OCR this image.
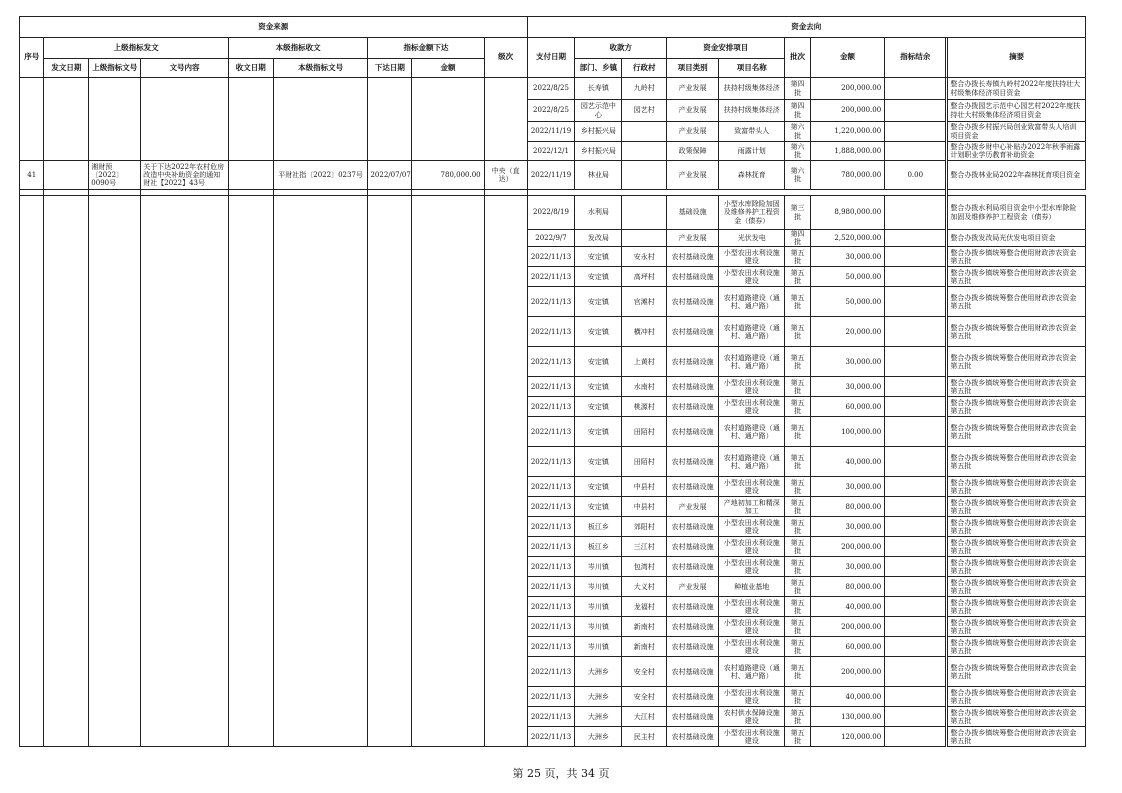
资金来源									资金去向									
序号	上级指标发文			本级指标收文		指标金额下达		级次	支付日期	收款方		资金安排项目		批次	金额	指标结余		摘要
	发文日期	上级指标文号	文号内容	收文日期	本级指标文号	下达日期	金额			部门、乡镇	行政村	项目类别	项目名称					
									2022/8/25	长寿镇	九岭村	产业发展	扶持村级集体经济	第四批	200,000.00			整合办拨长寿镇九岭村2022年度扶持壮大村级集体经济项目资金
									2022/8/25	园艺示范中心	园艺村	产业发展	扶持村级集体经济	第四批	200,000.00			整合办拨园艺示范中心园艺村2022年度扶持壮大村级集体经济项目资金
									2022/11/19	乡村振兴局		产业发展	致富带头人	第六批	1,220,000.00			整合办拨乡村振兴局创业致富带头人培训项目资金
									2022/12/1	乡村振兴局		政策保障	雨露计划	第六批	1,888,000.00			整合办拨乡财中心补贴办2022年秋季雨露计划职业学历教育补助资金
41		湘财预〔2022〕0090号	关于下达2022年农村危房改造中央补助资金的通知财社【2022】43号		平财社指〔2022〕0237号	2022/07/07	780,000.00	中央（直达）	2022/11/19	林业局		产业发展	森林抚育	第六批	780,000.00	0.00		整合办拨林业局2022年森林抚育项目资金

									2022/8/19	水利局		基础设施	小型水库除险加固及维修养护工程资金（债券）	第三批	8,980,000.00			整合办拨水利局项目资金中小型水库除险加固及维修养护工程资金（债券）
									2022/9/7	发改局		产业发展	光伏发电	第四批	2,520,000.00			整合办拨发改局光伏发电项目资金
									2022/11/13	安定镇	安永村	农村基础设施	小型农田水利设施建设	第五批	30,000.00			整合办拨乡镇统筹整合使用财政涉农资金第五批
									2022/11/13	安定镇	高坪村	农村基础设施	小型农田水利设施建设	第五批	50,000.00			整合办拨乡镇统筹整合使用财政涉农资金第五批
									2022/11/13	安定镇	官滩村	农村基础设施	农村道路建设（通村、通户路）	第五批	50,000.00			整合办拨乡镇统筹整合使用财政涉农资金第五批
									2022/11/13	安定镇	横冲村	农村基础设施	农村道路建设（通村、通户路）	第五批	20,000.00			整合办拨乡镇统筹整合使用财政涉农资金第五批
									2022/11/13	安定镇	上黄村	农村基础设施	农村道路建设（通村、通户路）	第五批	30,000.00			整合办拨乡镇统筹整合使用财政涉农资金第五批
									2022/11/13	安定镇	水南村	农村基础设施	小型农田水利设施建设	第五批	30,000.00			整合办拨乡镇统筹整合使用财政涉农资金第五批
									2022/11/13	安定镇	桃源村	农村基础设施	小型农田水利设施建设	第五批	60,000.00			整合办拨乡镇统筹整合使用财政涉农资金第五批
									2022/11/13	安定镇	田陌村	农村基础设施	农村道路建设（通村、通户路）	第五批	100,000.00			整合办拨乡镇统筹整合使用财政涉农资金第五批
									2022/11/13	安定镇	田陌村	农村基础设施	农村道路建设（通村、通户路）	第五批	40,000.00			整合办拨乡镇统筹整合使用财政涉农资金第五批
									2022/11/13	安定镇	中县村	农村基础设施	小型农田水利设施建设	第五批	30,000.00			整合办拨乡镇统筹整合使用财政涉农资金第五批
									2022/11/13	安定镇	中县村	产业发展	产地初加工和精深加工	第五批	80,000.00			整合办拨乡镇统筹整合使用财政涉农资金第五批
									2022/11/13	板江乡	郊阳村	农村基础设施	小型农田水利设施建设	第五批	30,000.00			整合办拨乡镇统筹整合使用财政涉农资金第五批
									2022/11/13	板江乡	三江村	农村基础设施	小型农田水利设施建设	第五批	200,000.00			整合办拨乡镇统筹整合使用财政涉农资金第五批
									2022/11/13	岑川镇	包湾村	农村基础设施	小型农田水利设施建设	第五批	30,000.00			整合办拨乡镇统筹整合使用财政涉农资金第五批
									2022/11/13	岑川镇	大义村	产业发展	种植业基地	第五批	80,000.00			整合办拨乡镇统筹整合使用财政涉农资金第五批
									2022/11/13	岑川镇	龙福村	农村基础设施	小型农田水利设施建设	第五批	40,000.00			整合办拨乡镇统筹整合使用财政涉农资金第五批
									2022/11/13	岑川镇	新南村	农村基础设施	小型农田水利设施建设	第五批	200,000.00			整合办拨乡镇统筹整合使用财政涉农资金第五批
									2022/11/13	岑川镇	新南村	农村基础设施	小型农田水利设施建设	第五批	60,000.00			整合办拨乡镇统筹整合使用财政涉农资金第五批
									2022/11/13	大洲乡	安全村	农村基础设施	农村道路建设（通村、通户路）	第五批	200,000.00			整合办拨乡镇统筹整合使用财政涉农资金第五批
									2022/11/13	大洲乡	安全村	农村基础设施	小型农田水利设施建设	第五批	40,000.00			整合办拨乡镇统筹整合使用财政涉农资金第五批
									2022/11/13	大洲乡	大江村	农村基础设施	农村供水保障设施建设	第五批	130,000.00			整合办拨乡镇统筹整合使用财政涉农资金第五批
									2022/11/13	大洲乡	民主村	农村基础设施	小型农田水利设施建设	第五批	120,000.00			整合办拨乡镇统筹整合使用财政涉农资金第五批
第 25 页，共 34 页
